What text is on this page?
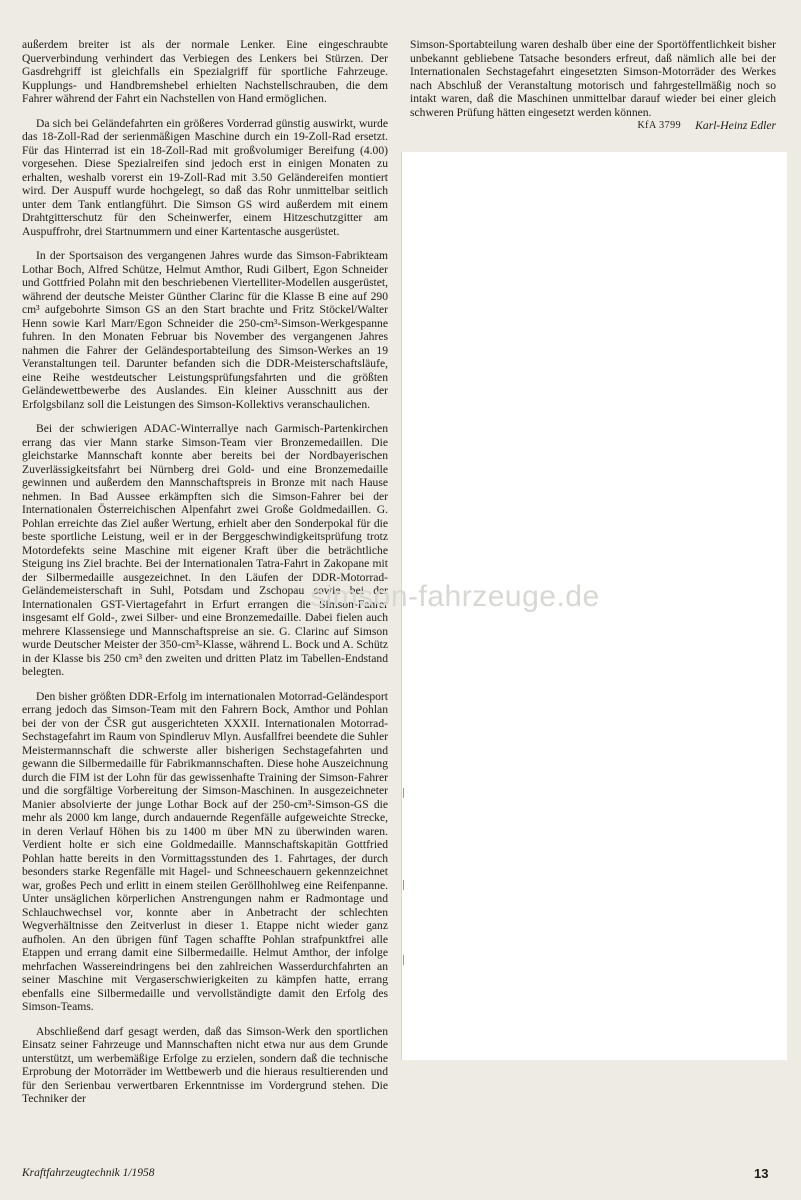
außerdem breiter ist als der normale Lenker. Eine eingeschraubte Querverbindung verhindert das Verbiegen des Lenkers bei Stürzen. Der Gasdrehgriff ist gleichfalls ein Spezialgriff für sportliche Fahrzeuge. Kupplungs- und Handbremshebel erhielten Nachstellschrauben, die dem Fahrer während der Fahrt ein Nachstellen von Hand ermöglichen.

Da sich bei Geländefahrten ein größeres Vorderrad günstig auswirkt, wurde das 18-Zoll-Rad der serienmäßigen Maschine durch ein 19-Zoll-Rad ersetzt. Für das Hinterrad ist ein 18-Zoll-Rad mit großvolumiger Bereifung (4.00) vorgesehen. Diese Spezialreifen sind jedoch erst in einigen Monaten zu erhalten, weshalb vorerst ein 19-Zoll-Rad mit 3.50 Geländereifen montiert wird. Der Auspuff wurde hochgelegt, so daß das Rohr unmittelbar seitlich unter dem Tank entlangführt. Die Simson GS wird außerdem mit einem Drahtgitterschutz für den Scheinwerfer, einem Hitzeschutzgitter am Auspuffrohr, drei Startnummern und einer Kartentasche ausgerüstet.

In der Sportsaison des vergangenen Jahres wurde das Simson-Fabrikteam Lothar Boch, Alfred Schütze, Helmut Amthor, Rudi Gilbert, Egon Schneider und Gottfried Polahn mit den beschriebenen Viertelliter-Modellen ausgerüstet, während der deutsche Meister Günther Clarinc für die Klasse B eine auf 290 cm³ aufgebohrte Simson GS an den Start brachte und Fritz Stöckel/Walter Henn sowie Karl Marr/Egon Schneider die 250-cm³-Simson-Werkgespanne fuhren. In den Monaten Februar bis November des vergangenen Jahres nahmen die Fahrer der Geländesportabteilung des Simson-Werkes an 19 Veranstaltungen teil. Darunter befanden sich die DDR-Meisterschaftsläufe, eine Reihe westdeutscher Leistungsprüfungsfahrten und die größten Geländewettbewerbe des Auslandes. Ein kleiner Ausschnitt aus der Erfolgsbilanz soll die Leistungen des Simson-Kollektivs veranschaulichen.

Bei der schwierigen ADAC-Winterrallye nach Garmisch-Partenkirchen errang das vier Mann starke Simson-Team vier Bronzemedaillen. Die gleichstarke Mannschaft konnte aber bereits bei der Nordbayerischen Zuverlässigkeitsfahrt bei Nürnberg drei Gold- und eine Bronzemedaille gewinnen und außerdem den Mannschaftspreis in Bronze mit nach Hause nehmen. In Bad Aussee erkämpften sich die Simson-Fahrer bei der Internationalen Österreichischen Alpenfahrt zwei Große Goldmedaillen. G. Pohlan erreichte das Ziel außer Wertung, erhielt aber den Sonderpokal für die beste sportliche Leistung, weil er in der Berggeschwindigkeitsprüfung trotz Motordefekts seine Maschine mit eigener Kraft über die beträchtliche Steigung ins Ziel brachte. Bei der Internationalen Tatra-Fahrt in Zakopane mit der Silbermedaille ausgezeichnet. In den Läufen der DDR-Motorrad-Geländemeisterschaft in Suhl, Potsdam und Zschopau sowie bei der Internationalen GST-Viertagefahrt in Erfurt errangen die Simson-Fahrer insgesamt elf Gold-, zwei Silber- und eine Bronzemedaille. Dabei fielen auch mehrere Klassensiege und Mannschaftspreise an sie. G. Clarinc auf Simson wurde Deutscher Meister der 350-cm³-Klasse, während L. Bock und A. Schütz in der Klasse bis 250 cm³ den zweiten und dritten Platz im Tabellen-Endstand belegten.

Den bisher größten DDR-Erfolg im internationalen Motorrad-Geländesport errang jedoch das Simson-Team mit den Fahrern Bock, Amthor und Pohlan bei der von der ČSR gut ausgerichteten XXXII. Internationalen Motorrad-Sechstagefahrt im Raum von Spindleruv Mlyn. Ausfallfrei beendete die Suhler Meistermannschaft die schwerste aller bisherigen Sechstagefahrten und gewann die Silbermedaille für Fabrikmannschaften. Diese hohe Auszeichnung durch die FIM ist der Lohn für das gewissenhafte Training der Simson-Fahrer und die sorgfältige Vorbereitung der Simson-Maschinen. In ausgezeichneter Manier absolvierte der junge Lothar Bock auf der 250-cm³-Simson-GS die mehr als 2000 km lange, durch andauernde Regenfälle aufgeweichte Strecke, in deren Verlauf Höhen bis zu 1400 m über MN zu überwinden waren. Verdient holte er sich eine Goldmedaille. Mannschaftskapitän Gottfried Pohlan hatte bereits in den Vormittagsstunden des 1. Fahrtages, der durch besonders starke Regenfälle mit Hagel- und Schneeschauern gekennzeichnet war, großes Pech und erlitt in einem steilen Geröllhohlweg eine Reifenpanne. Unter unsäglichen körperlichen Anstrengungen nahm er Radmontage und Schlauchwechsel vor, konnte aber in Anbetracht der schlechten Wegverhältnisse den Zeitverlust in dieser 1. Etappe nicht wieder ganz aufholen. An den übrigen fünf Tagen schaffte Pohlan strafpunktfrei alle Etappen und errang damit eine Silbermedaille. Helmut Amthor, der infolge mehrfachen Wassereindringens bei den zahlreichen Wasserdurchfahrten an seiner Maschine mit Vergaserschwierigkeiten zu kämpfen hatte, errang ebenfalls eine Silbermedaille und vervollständigte damit den Erfolg des Simson-Teams.

Abschließend darf gesagt werden, daß das Simson-Werk den sportlichen Einsatz seiner Fahrzeuge und Mannschaften nicht etwa nur aus dem Grunde unterstützt, um werbemäßige Erfolge zu erzielen, sondern daß die technische Erprobung der Motorräder im Wettbewerb und die hieraus resultierenden und für den Serienbau verwertbaren Erkenntnisse im Vordergrund stehen. Die Techniker der

Simson-Sportabteilung waren deshalb über eine der Sportöffentlichkeit bisher unbekannt gebliebene Tatsache besonders erfreut, daß nämlich alle bei der Internationalen Sechstagefahrt eingesetzten Simson-Motorräder des Werkes nach Abschluß der Veranstaltung motorisch und fahrgestellmäßig noch so intakt waren, daß die Maschinen unmittelbar darauf wieder bei einer gleich schweren Prüfung hätten eingesetzt werden können.

KfA 3799 Karl-Heinz Edler
simson-fahrzeuge.de
Kraftfahrzeugtechnik 1/1958	13
